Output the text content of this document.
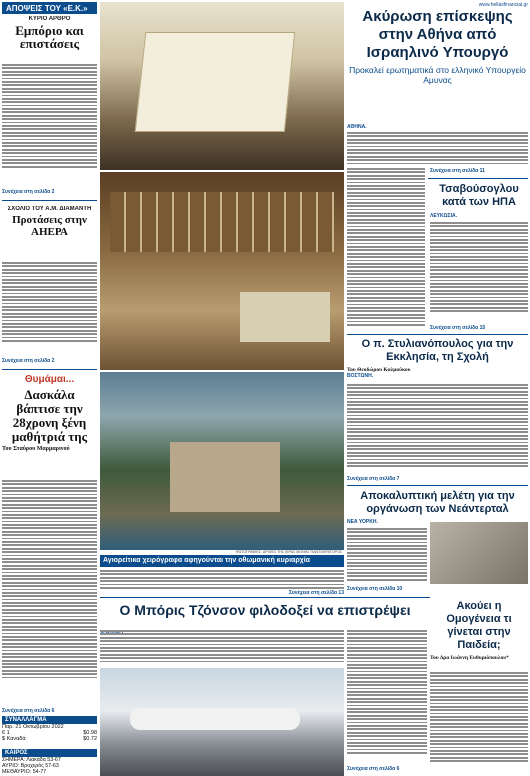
ΑΠΟΨΕΙΣ ΤΟΥ «Ε.Κ.»
ΚΥΡΙΟ ΑΡΘΡΟ
Εμπόριο και επιστάσεις
Συνέχεια στη σελίδα 2
ΣΧΟΛΙΟ ΤΟΥ Α.Μ. ΔΙΑΜΑΝΤΗ
Προτάσεις στην ΑΗΕΡΑ
Συνέχεια στη σελίδα 2
Θυμάμαι...
Δασκάλα βάπτισε την 28χρονη ξένη μαθήτριά της
Του Σταύρου Μαρμαρινού
Συνέχεια στη σελίδα 6
ΣΥΝΑΛΛΑΓΜΑ
Παρ. 21 Οκτωβρίου 2022
€ 1	$0.98
$ Καναδά	$0.72
ΚΑΙΡΟΣ
ΣΗΜΕΡΑ: Λιακάδα 53-67
ΑΥΡΙΟ: Βροχερός 57-63
ΜΕΘΑΥΡΙΟ: 54-77
ΦΩΤΟΓΡΑΦΙΕΣ: ΑΡΧΕΙΟ ΤΗΣ ΙΕΡΑΣ ΜΟΝΗΣ ΠΑΝΤΟΚΡΑΤΟΡΟΣ
Αγιορείτικα χειρόγραφα αφηγούνται την οθωμανική κυριαρχία
Συνέχεια στη σελίδα 13
www.hellasfinancial.gr
Ακύρωση επίσκεψης στην Αθήνα από Ισραηλινό Υπουργό
Προκαλεί ερωτηματικά στο ελληνικό Υπουργείο Αμυνας
ΑΘΗΝΑ.
Συνέχεια στη σελίδα 11
Τσαβούσογλου κατά των ΗΠΑ
ΛΕΥΚΩΣΙΑ.
Συνέχεια στη σελίδα 15
Ο π. Στυλιανόπουλος για την Εκκλησία, τη Σχολή
Του Θεοδώρου Καλμούκου
ΒΟΣΤΩΝΗ.
Συνέχεια στη σελίδα 7
Αποκαλυπτική μελέτη για την οργάνωση των Νεάντερταλ
ΝΕΑ ΥΟΡΚΗ.
Συνέχεια στη σελίδα 10
Ο Μπόρις Τζόνσον φιλοδοξεί να επιστρέψει
Συνέχεια στη σελίδα 6
Ακούει η Ομογένεια τι γίνεται στην Παιδεία;
Του Δρα Ιωάννη Ευθυμιόπουλου*
